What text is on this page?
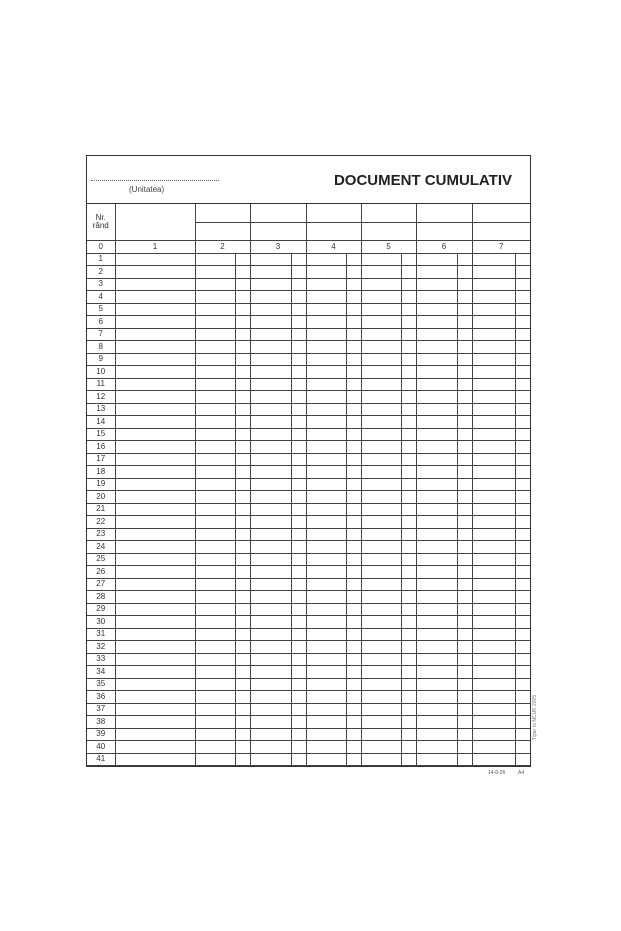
(Unitatea)
DOCUMENT CUMULATIV
Nr.
rând													

0	1	2		3		4		5		6		7	
1													
2													
3													
4													
5													
6													
7													
8													
9													
10													
11													
12													
13													
14													
15													
16													
17													
18													
19													
20													
21													
22													
23													
24													
25													
26													
27													
28													
29													
30													
31													
32													
33													
34													
35													
36													
37													
38													
39													
40													
41													
14-6-26	A4
Tipar ro NCUK 2005
